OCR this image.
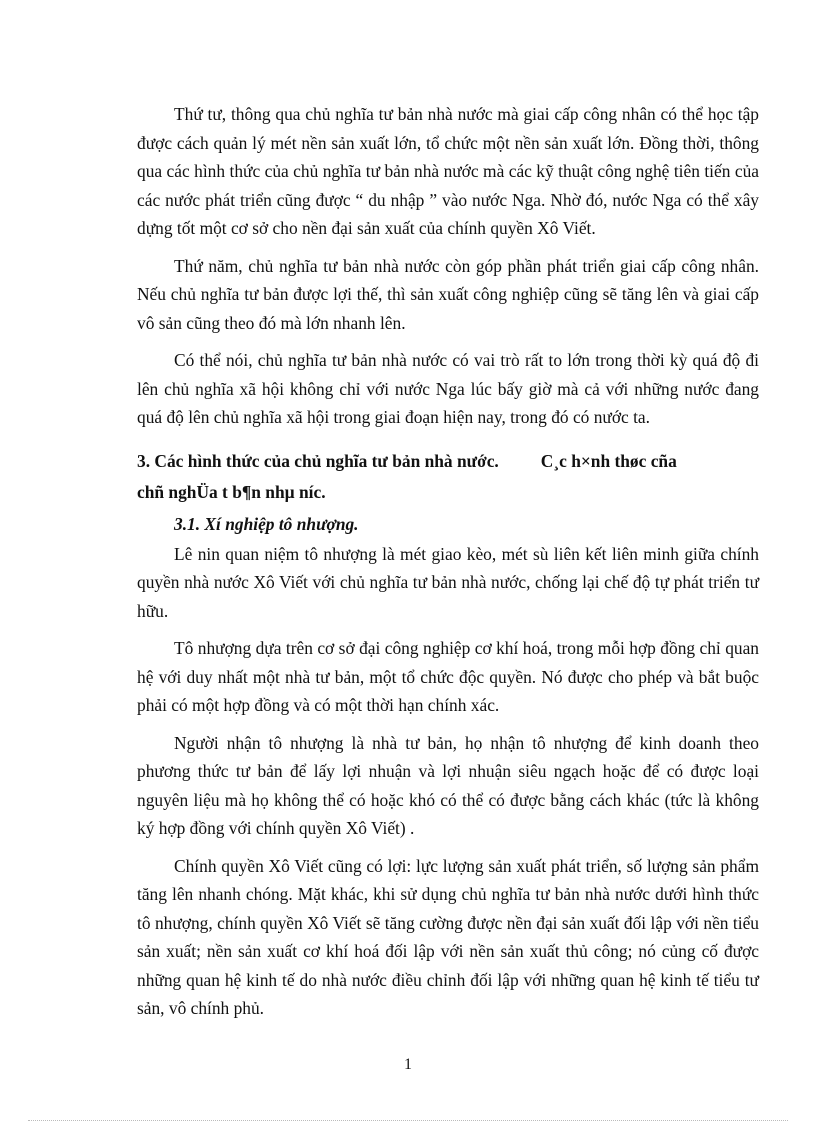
Thứ tư, thông qua chủ nghĩa tư bản nhà nước mà giai cấp công nhân có thể học tập được cách quản lý mét nền sản xuất lớn, tổ chức một nền sản xuất lớn. Đồng thời, thông qua các hình thức của chủ nghĩa tư bản nhà nước mà các kỹ thuật công nghệ tiên tiến của các nước phát triển cũng được “ du nhập ” vào nước Nga. Nhờ đó, nước Nga có thể xây dựng tốt một cơ sở cho nền đại sản xuất của chính quyền Xô Viết.

Thứ năm, chủ nghĩa tư bản nhà nước còn góp phần phát triển giai cấp công nhân. Nếu chủ nghĩa tư bản được lợi thế, thì sản xuất công nghiệp cũng sẽ tăng lên và giai cấp vô sản cũng theo đó mà lớn nhanh lên.

Có thể nói, chủ nghĩa tư bản nhà nước có vai trò rất to lớn trong thời kỳ quá độ đi lên chủ nghĩa xã hội không chỉ với nước Nga lúc bấy giờ mà cả với những nước đang quá độ lên chủ nghĩa xã hội trong giai đoạn hiện nay, trong đó có nước ta.

3. Các hình thức của chủ nghĩa tư bản nhà nước. C¸c h×nh thøc cña
chñ nghÜa t b¶n nhµ níc.
3.1. Xí nghiệp tô nhượng.

Lê nin quan niệm tô nhượng là mét giao kèo, mét sù liên kết liên minh giữa chính quyền nhà nước Xô Viết với chủ nghĩa tư bản nhà nước, chống lại chế độ tự phát triển tư hữu.

Tô nhượng dựa trên cơ sở đại công nghiệp cơ khí hoá, trong mỗi hợp đồng chỉ quan hệ với duy nhất một nhà tư bản, một tổ chức độc quyền. Nó được cho phép và bắt buộc phải có một hợp đồng và có một thời hạn chính xác.

Người nhận tô nhượng là nhà tư bản, họ nhận tô nhượng để kinh doanh theo phương thức tư bản để lấy lợi nhuận và lợi nhuận siêu ngạch hoặc để có được loại nguyên liệu mà họ không thể có hoặc khó có thể có được bằng cách khác (tức là không ký hợp đồng với chính quyền Xô Viết) .

Chính quyền Xô Viết cũng có lợi: lực lượng sản xuất phát triển, số lượng sản phẩm tăng lên nhanh chóng. Mặt khác, khi sử dụng chủ nghĩa tư bản nhà nước dưới hình thức tô nhượng, chính quyền Xô Viết sẽ tăng cường được nền đại sản xuất đối lập với nền tiểu sản xuất; nền sản xuất cơ khí hoá đối lập với nền sản xuất thủ công; nó củng cố được những quan hệ kinh tế do nhà nước điều chỉnh đối lập với những quan hệ kinh tế tiểu tư sản, vô chính phủ.

1
